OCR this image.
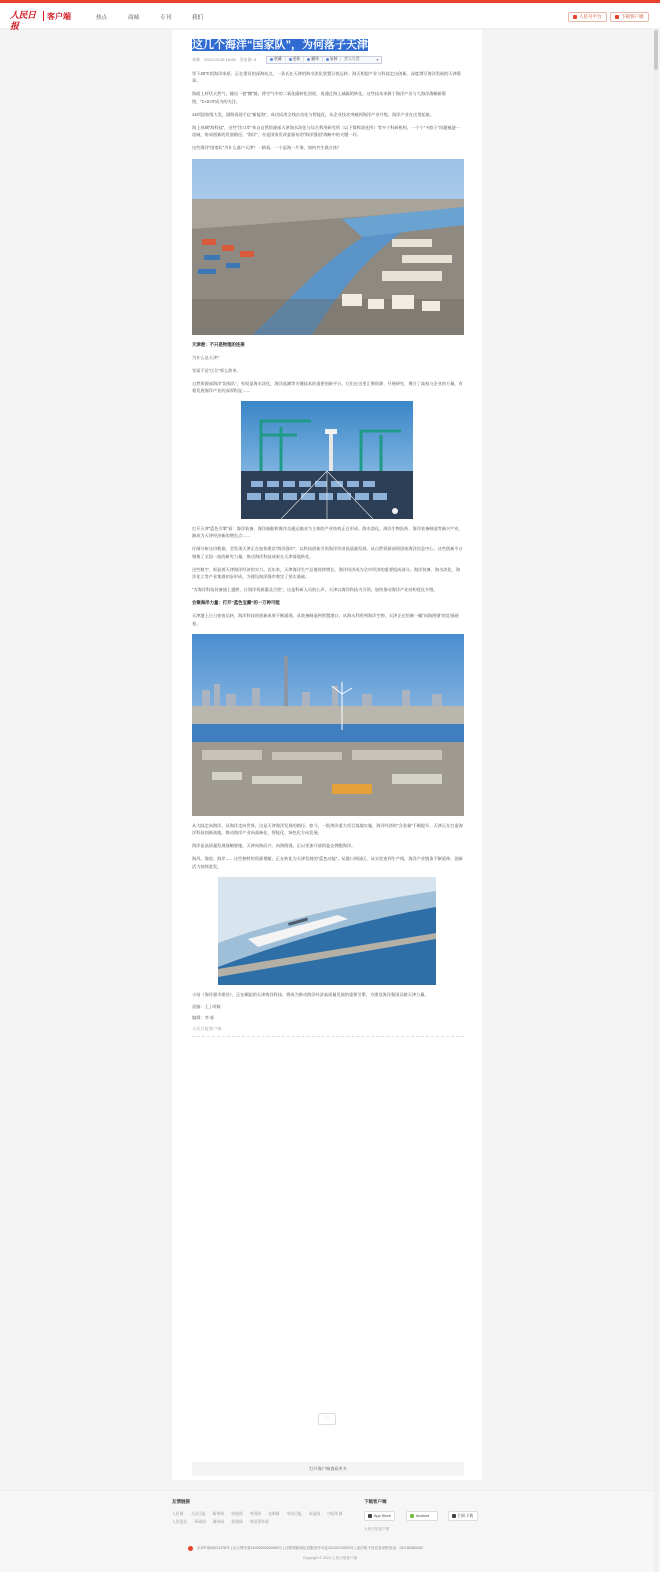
人民日报
客户端	热点	商城	专刊	我们	人民号平台	下载客户端
这几个海洋“国家队”，为何落子天津
来源 2024-03-26 16:06 发布源: 5	收藏	更新	翻译	复制 默认设置	▾

零下40℃的海洋冰原，正在建设的深海站点，一条长在天津的海水淡化装置日夜运转。海天相望产业与科技走出创新，深度谱写海洋发展的天津篇章。

海面上杆状天然气，输送一套“鳍”链，将空气中的二氧化碳转化回收，再通过海上减碳的转化。这些技术来源于海洋产业与大海洋战略新版图，“1+3+3”成为的关注。

14项国家级大奖，渤海再现千亿“新能海”，成功试用全栈自动化与智能化，从企业技术突破到海洋产业升级，海洋产业在这里起航。

海上丝绸“海科技”，这些“洋口岸”来自自然资源部天津海水淡化与综合利用研究所（以下简称淡化所）等多个科研机构，一个个“卡脖子”问题被逐一攻破，协同创新的发展路径。“海洋”，亦是国家发改委颁布的“海洋强国”战略中的关键一环。

这些海洋“国家队”为什么落户天津？一路看，一个是海一片海，如何共生联合体？

天津港：不只是物理的连接

为什么是天津？

答案不是“区位”那么简单。

自然资源部海洋“国家队”，有权是海水淡化、海洋监测等关键技术的重要创新平台。它们在这里汇聚资源、开展研究，聚合了高校与企业的力量，有着发展海洋产业的深厚积淀……

打开天津“蓝色引擎”看：海洋装备、海洋船舶和海洋交通运输业为主体的产业结构正在形成。海水淡化、海洋生物医药、海洋装备制造等新兴产业，渐成为天津经济新的增长点……

仔细分析这份数据，会发现天津正在加快建设“海洋强市”，以科技创新引领海洋经济高质量发展。从自然资源部到国家海洋信息中心，这些创新平台聚集了全国一流的研究力量，推动海洋科技成果在天津落地转化。

这些数字，彰显着天津海洋经济的实力。近年来，天津海洋生产总值持续增长，海洋经济成为全市经济的重要组成部分。海洋装备、海水淡化、海洋化工等产业集群初步形成，为建设海洋强市奠定了坚实基础。

“为海洋科技装备插上翅膀，让海洋资源惠及百姓”，这是科研人员的心声。天津以海洋科技为引领，加快推动海洋产业结构优化升级。

会聚海洋力量：打开“蓝色宝藏”的一万种可能

天津港上日日夜夜运转，海洋科技的创新成果不断涌现。从装备制造到智慧港口，从海水利用到海洋生物，天津正在绘制一幅“向海图强”的壮丽画卷。

从大陆走向海洋，从海洋走向世界，这是天津海洋发展的路径。如今，一批海洋重大项目落地实施，海洋经济的“含金量”不断提升。天津正在打造海洋科技创新高地，推动海洋产业向高端化、智能化、绿色化方向发展。

海洋是高质量发展战略要地。天津向海而兴、向海图强，正以更加开放的姿态拥抱海洋。

海风、海浪、海岸……这些独特的资源禀赋，正在转化为天津发展的“蓝色动能”。从港口到园区，从实验室到生产线，海洋产业链条不断延伸，创新活力持续迸发。

小结《海洋强市建设》，正在崛起的天津海洋科技，将成为推动海洋经济高质量发展的重要引擎，为建设海洋强国贡献天津力量。

责编：王 | 周颖

编辑：李 霖

人民日报客户端

♡
打开客户端查看更多
友情链接
人民网 人民日报 新华网 央视网 中国网 光明网 中国日报 求是网 中国军网 人民论坛 环球网 海外网 党建网 中国青年网
下载客户端
App Store	Android	扫码下载
人民日报客户端
京ICP备05031378号 | 京公网安备11000002000008号 | 互联网新闻信息服务许可证10120170004号 | 违法和不良信息举报电话：010-65363263
Copyright © 2024 人民日报客户端
